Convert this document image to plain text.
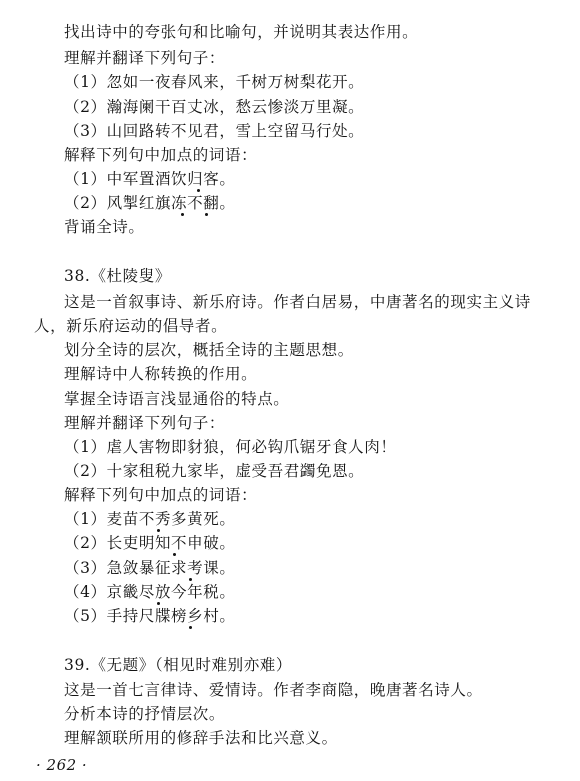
找出诗中的夸张句和比喻句，并说明其表达作用。
理解并翻译下列句子：
（1）忽如一夜春风来，千树万树梨花开。
（2）瀚海阑干百丈冰，愁云惨淡万里凝。
（3）山回路转不见君，雪上空留马行处。
解释下列句中加点的词语：
（1）中军置酒饮归客。
（2）风掣红旗冻不翻。
背诵全诗。
38.《杜陵叟》
这是一首叙事诗、新乐府诗。作者白居易，中唐著名的现实主义诗
人，新乐府运动的倡导者。
划分全诗的层次，概括全诗的主题思想。
理解诗中人称转换的作用。
掌握全诗语言浅显通俗的特点。
理解并翻译下列句子：
（1）虐人害物即豺狼，何必钩爪锯牙食人肉！
（2）十家租税九家毕，虚受吾君蠲免恩。
解释下列句中加点的词语：
（1）麦苗不秀多黄死。
（2）长吏明知不申破。
（3）急敛暴征求考课。
（4）京畿尽放今年税。
（5）手持尺牒榜乡村。
39.《无题》（相见时难别亦难）
这是一首七言律诗、爱情诗。作者李商隐，晚唐著名诗人。
分析本诗的抒情层次。
理解颔联所用的修辞手法和比兴意义。
· 262 ·
